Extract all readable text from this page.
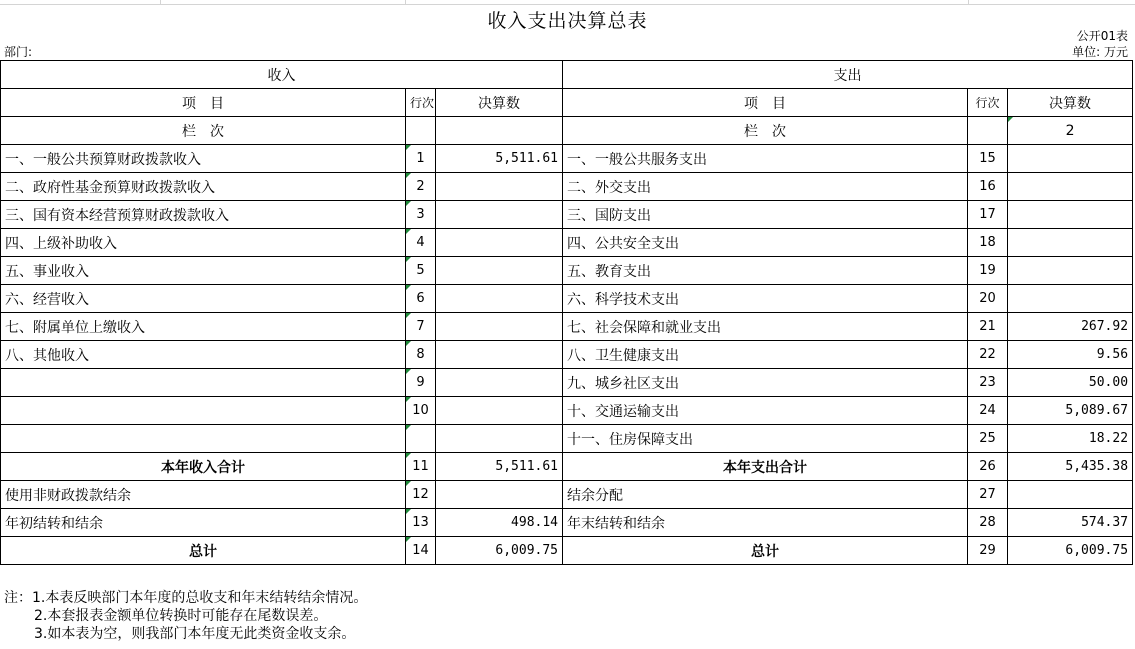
收入支出决算总表
公开01表
部门:	单位: 万元
收入			支出		
项　目	行次	决算数	项　目	行次	决算数
栏　次			栏　次		2
一、一般公共预算财政拨款收入	1	5,511.61	一、一般公共服务支出	15	
二、政府性基金预算财政拨款收入	2		二、外交支出	16	
三、国有资本经营预算财政拨款收入	3		三、国防支出	17	
四、上级补助收入	4		四、公共安全支出	18	
五、事业收入	5		五、教育支出	19	
六、经营收入	6		六、科学技术支出	20	
七、附属单位上缴收入	7		七、社会保障和就业支出	21	267.92
八、其他收入	8		八、卫生健康支出	22	9.56
	9		九、城乡社区支出	23	50.00
	10		十、交通运输支出	24	5,089.67
			十一、住房保障支出	25	18.22
本年收入合计	11	5,511.61	本年支出合计	26	5,435.38
使用非财政拨款结余	12		结余分配	27	
年初结转和结余	13	498.14	年末结转和结余	28	574.37
总计	14	6,009.75	总计	29	6,009.75
注：1.本表反映部门本年度的总收支和年末结转结余情况。
2.本套报表金额单位转换时可能存在尾数误差。
3.如本表为空，则我部门本年度无此类资金收支余。
